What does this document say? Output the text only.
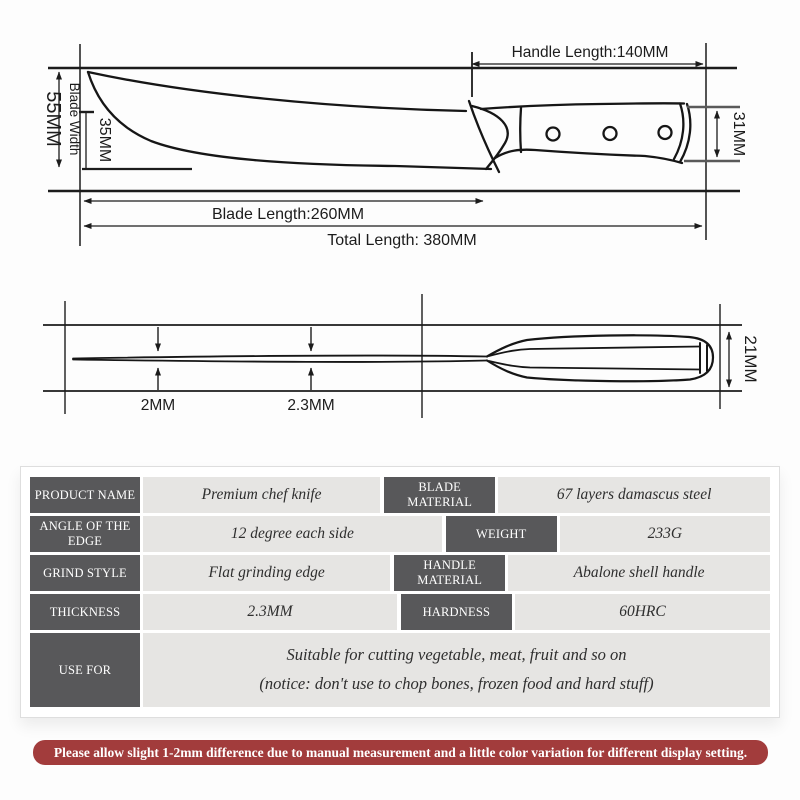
Handle Length:140MM
55MM Blade Width 35MM	31MM
Blade Length:260MM
Total Length: 380MM
2MM	2.3MM
21MM
PRODUCT NAME	Premium chef knife	BLADE MATERIAL	67 layers damascus steel
ANGLE OF THE EDGE	12 degree each side	WEIGHT	233G
GRIND STYLE	Flat grinding edge	HANDLE MATERIAL	Abalone shell handle
THICKNESS	2.3MM	HARDNESS	60HRC
USE FOR
Suitable for cutting vegetable, meat, fruit and so on
(notice: don't use to chop bones, frozen food and hard stuff)
Please allow slight 1-2mm difference due to manual measurement and a little color variation for different display setting.
